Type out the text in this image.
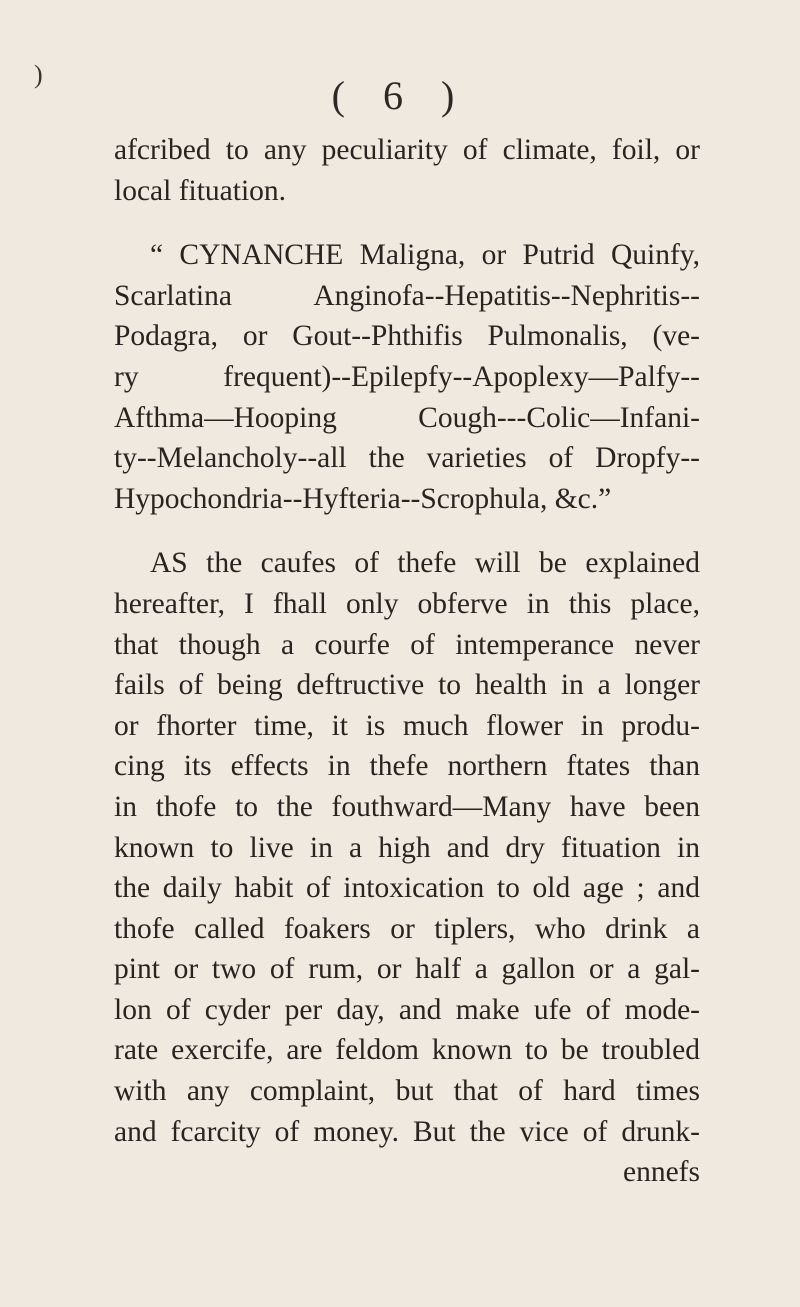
)	( 6 )
afcribed to any peculiarity of climate, foil, or
local fituation.
“ CYNANCHE Maligna, or Putrid Quinfy,
Scarlatina Anginofa--Hepatitis--Nephritis--
Podagra, or Gout--Phthifis Pulmonalis, (ve-
ry frequent)--Epilepfy--Apoplexy—Palfy--
Afthma—Hooping Cough---Colic—Infani-
ty--Melancholy--all the varieties of Dropfy--
Hypochondria--Hyfteria--Scrophula, &c.”
AS the caufes of thefe will be explained
hereafter, I fhall only obferve in this place,
that though a courfe of intemperance never
fails of being deftructive to health in a longer
or fhorter time, it is much flower in produ-
cing its effects in thefe northern ftates than
in thofe to the fouthward—Many have been
known to live in a high and dry fituation in
the daily habit of intoxication to old age ; and
thofe called foakers or tiplers, who drink a
pint or two of rum, or half a gallon or a gal-
lon of cyder per day, and make ufe of mode-
rate exercife, are feldom known to be troubled
with any complaint, but that of hard times
and fcarcity of money. But the vice of drunk-
ennefs
